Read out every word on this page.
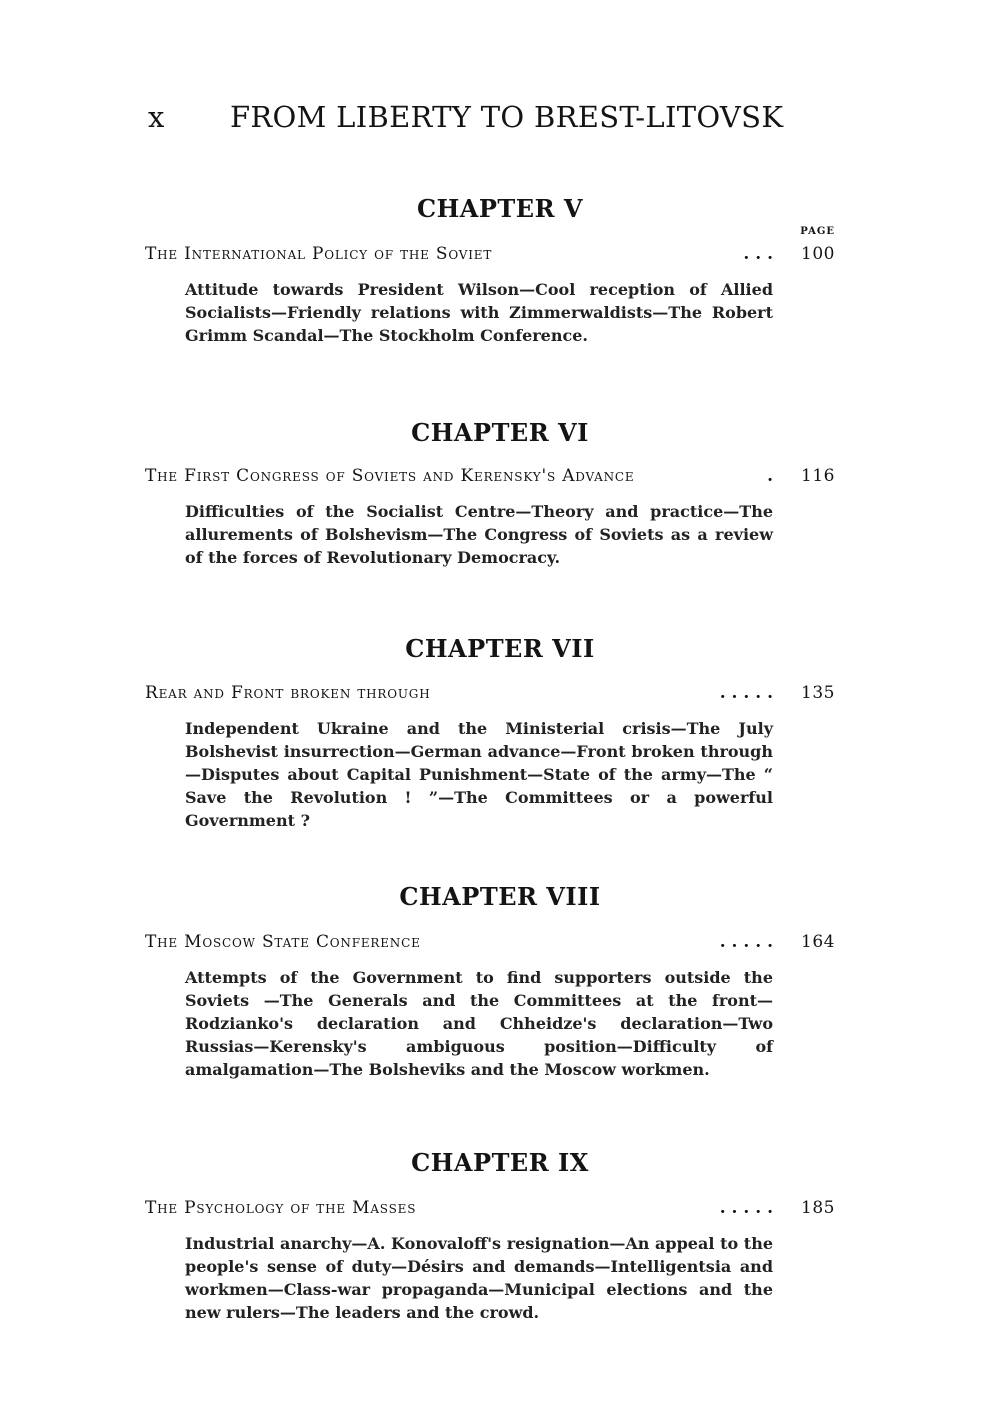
x FROM LIBERTY TO BREST-LITOVSK
CHAPTER V
PAGE
The International Policy of the Soviet	. . . 100

Attitude towards President Wilson—Cool reception of Allied Socialists—Friendly relations with Zimmerwaldists—The Robert Grimm Scandal—The Stockholm Conference.

CHAPTER VI
The First Congress of Soviets and Kerensky's Advance	. 116

Difficulties of the Socialist Centre—Theory and practice—The allurements of Bolshevism—The Congress of Soviets as a review of the forces of Revolutionary Democracy.

CHAPTER VII
Rear and Front broken through	. . . . . 135

Independent Ukraine and the Ministerial crisis—The July Bolshevist insurrection—German advance—Front broken through—Disputes about Capital Punishment—State of the army—The “ Save the Revolution ! ”—The Committees or a powerful Government ?

CHAPTER VIII
The Moscow State Conference	. . . . . 164

Attempts of the Government to find supporters outside the Soviets —The Generals and the Committees at the front—Rodzianko's declaration and Chheidze's declaration—Two Russias—Kerensky's ambiguous position—Difficulty of amalgamation—The Bolsheviks and the Moscow workmen.

CHAPTER IX
The Psychology of the Masses	. . . . . 185

Industrial anarchy—A. Konovaloff's resignation—An appeal to the people's sense of duty—Désirs and demands—Intelligentsia and workmen—Class-war propaganda—Municipal elections and the new rulers—The leaders and the crowd.
